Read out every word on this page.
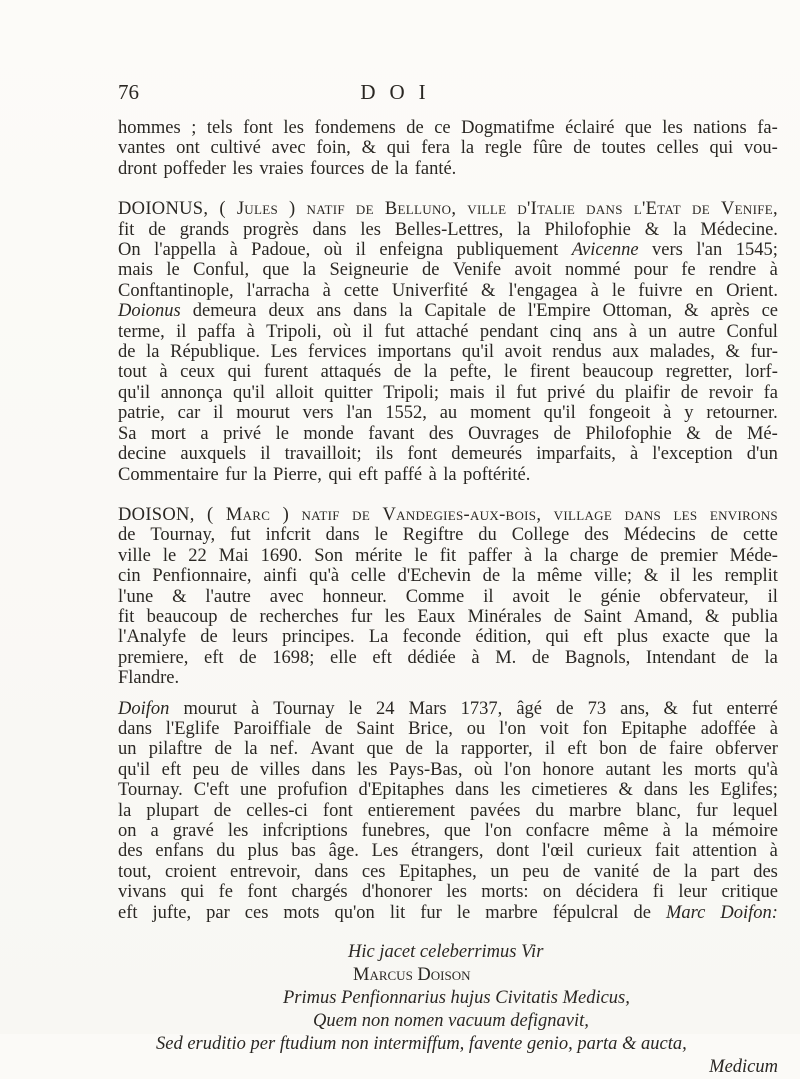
76	DOI
hommes ; tels font les fondemens de ce Dogmatifme éclairé que les nations fa-
vantes ont cultivé avec foin, & qui fera la regle fûre de toutes celles qui vou-
dront poffeder les vraies fources de la fanté.
DOIONUS, ( Jules ) natif de Belluno, ville d'Italie dans l'Etat de Venife,
fit de grands progrès dans les Belles-Lettres, la Philofophie & la Médecine.
On l'appella à Padoue, où il enfeigna publiquement Avicenne vers l'an 1545;
mais le Conful, que la Seigneurie de Venife avoit nommé pour fe rendre à
Conftantinople, l'arracha à cette Univerfité & l'engagea à le fuivre en Orient.
Doionus demeura deux ans dans la Capitale de l'Empire Ottoman, & après ce
terme, il paffa à Tripoli, où il fut attaché pendant cinq ans à un autre Conful
de la République. Les fervices importans qu'il avoit rendus aux malades, & fur-
tout à ceux qui furent attaqués de la pefte, le firent beaucoup regretter, lorf-
qu'il annonça qu'il alloit quitter Tripoli; mais il fut privé du plaifir de revoir fa
patrie, car il mourut vers l'an 1552, au moment qu'il fongeoit à y retourner.
Sa mort a privé le monde favant des Ouvrages de Philofophie & de Mé-
decine auxquels il travailloit; ils font demeurés imparfaits, à l'exception d'un
Commentaire fur la Pierre, qui eft paffé à la poftérité.
DOISON, ( Marc ) natif de Vandegies-aux-bois, village dans les environs
de Tournay, fut infcrit dans le Regiftre du College des Médecins de cette
ville le 22 Mai 1690. Son mérite le fit paffer à la charge de premier Méde-
cin Penfionnaire, ainfi qu'à celle d'Echevin de la même ville; & il les remplit
l'une & l'autre avec honneur. Comme il avoit le génie obfervateur, il
fit beaucoup de recherches fur les Eaux Minérales de Saint Amand, & publia
l'Analyfe de leurs principes. La feconde édition, qui eft plus exacte que la
premiere, eft de 1698; elle eft dédiée à M. de Bagnols, Intendant de la
Flandre.
Doifon mourut à Tournay le 24 Mars 1737, âgé de 73 ans, & fut enterré
dans l'Eglife Paroiffiale de Saint Brice, ou l'on voit fon Epitaphe adoffée à
un pilaftre de la nef. Avant que de la rapporter, il eft bon de faire obferver
qu'il eft peu de villes dans les Pays-Bas, où l'on honore autant les morts qu'à
Tournay. C'eft une profufion d'Epitaphes dans les cimetieres & dans les Eglifes;
la plupart de celles-ci font entierement pavées du marbre blanc, fur lequel
on a gravé les infcriptions funebres, que l'on confacre même à la mémoire
des enfans du plus bas âge. Les étrangers, dont l'œil curieux fait attention à
tout, croient entrevoir, dans ces Epitaphes, un peu de vanité de la part des
vivans qui fe font chargés d'honorer les morts: on décidera fi leur critique
eft jufte, par ces mots qu'on lit fur le marbre fépulcral de Marc Doifon:
Hic jacet celeberrimus Vir
Marcus Doison
Primus Penfionnarius hujus Civitatis Medicus,
Quem non nomen vacuum defignavit,
Sed eruditio per ftudium non intermiffum, favente genio, parta & aucta,
Medicum
